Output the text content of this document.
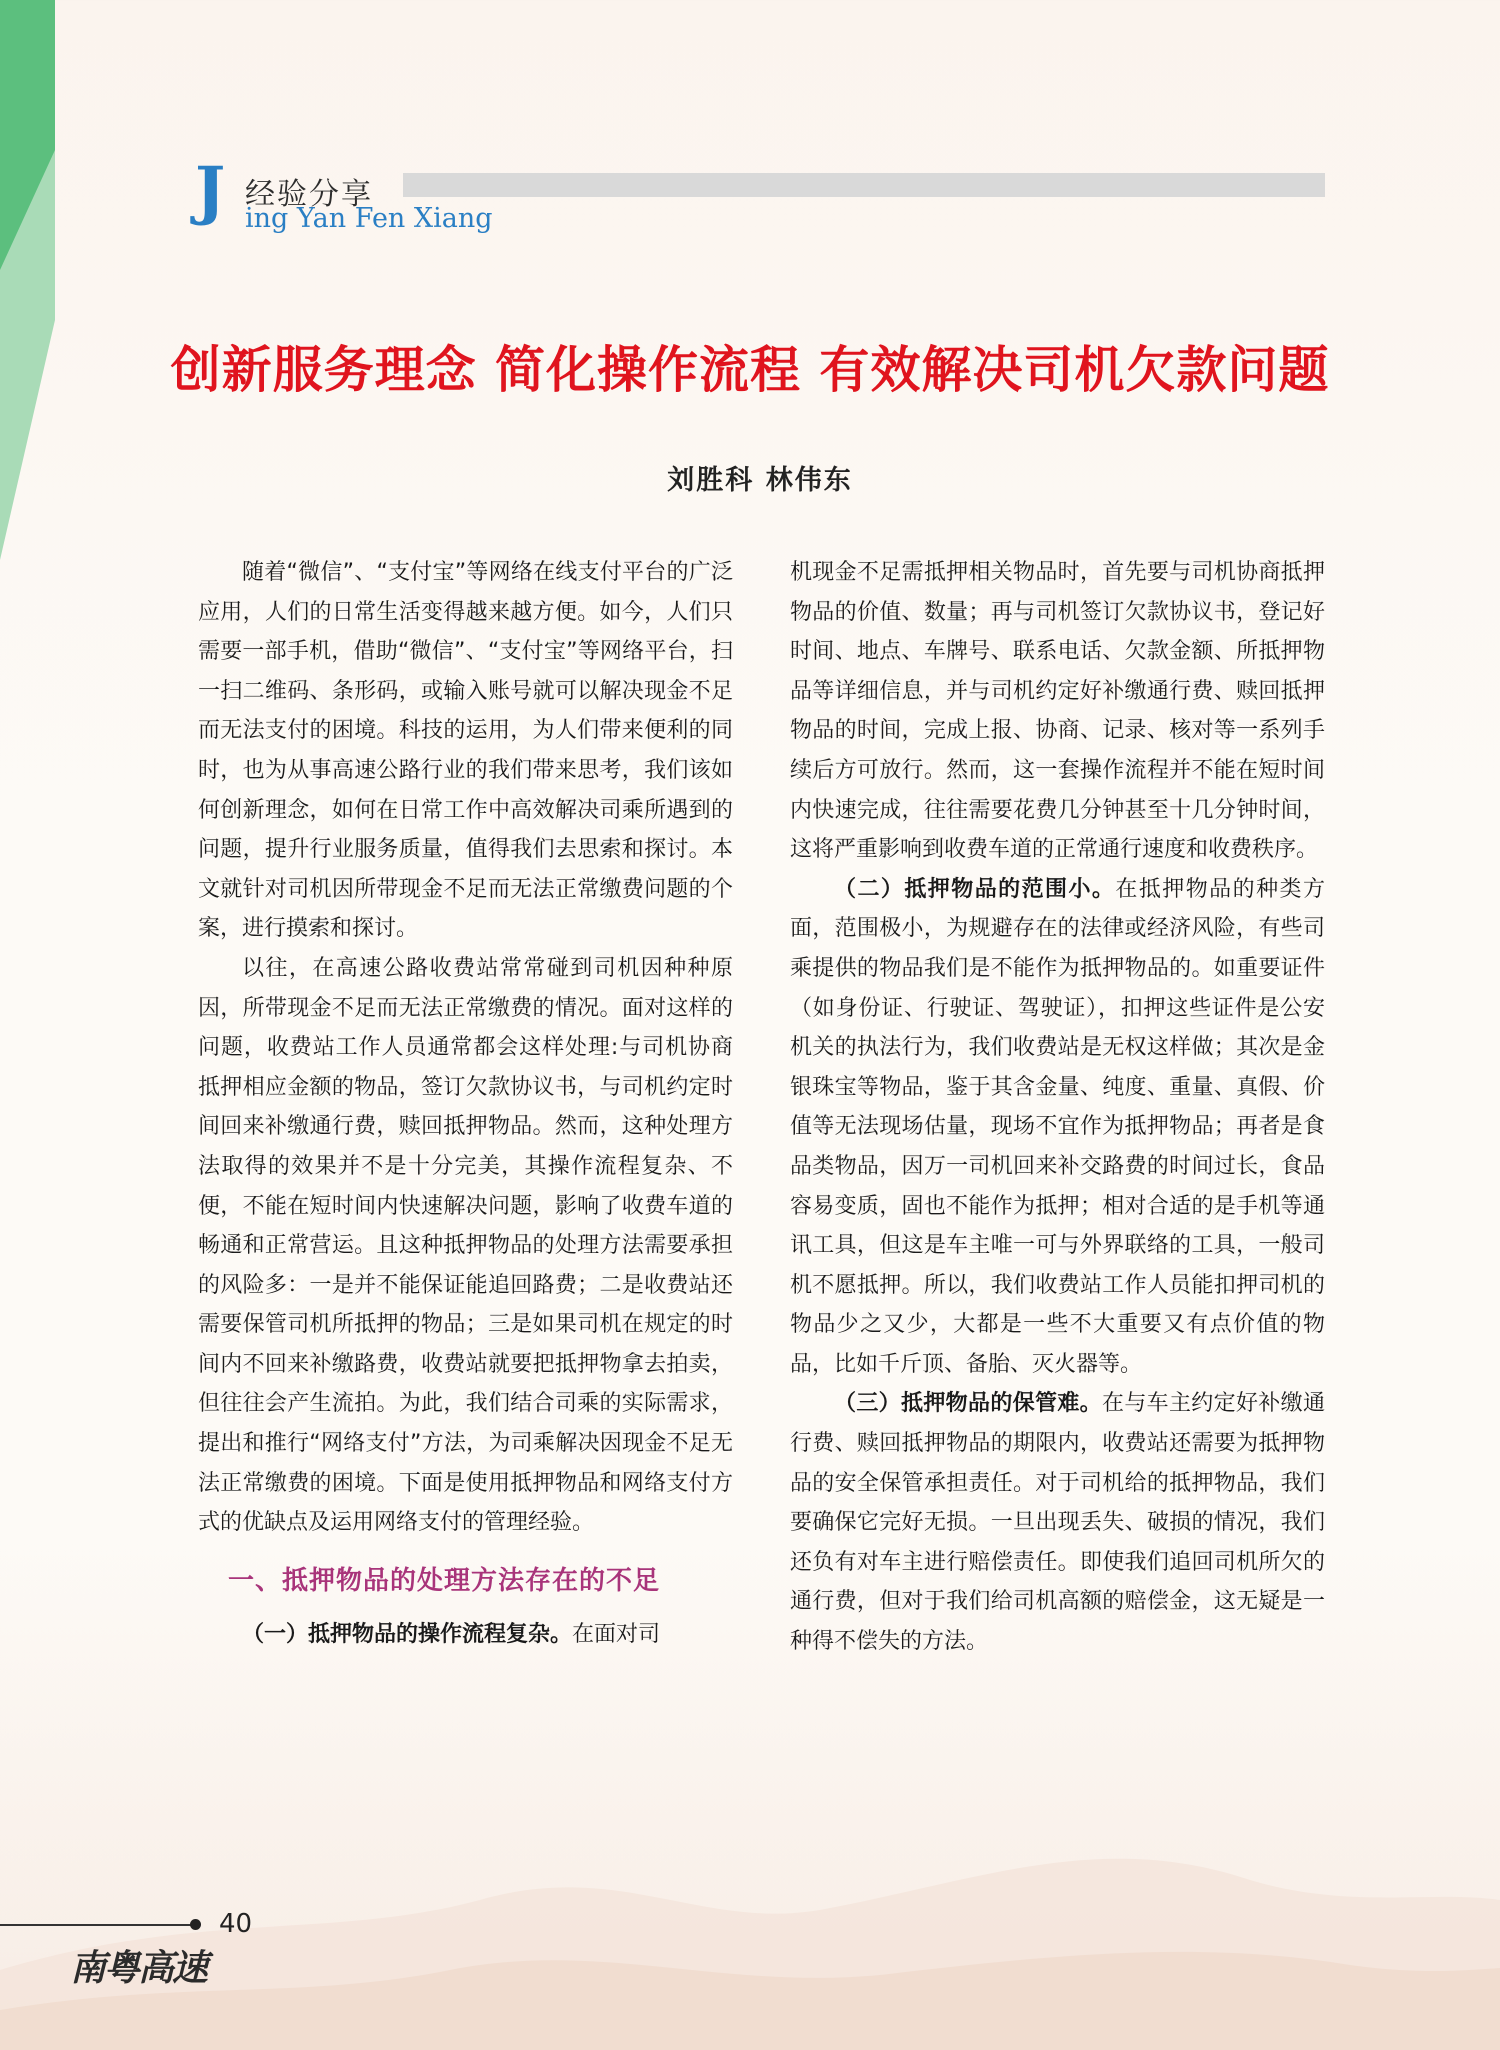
J 经验分享
ing Yan Fen Xiang
创新服务理念 简化操作流程 有效解决司机欠款问题
刘胜科 林伟东

随着“微信”、“支付宝”等网络在线支付平台的广泛应用，人们的日常生活变得越来越方便。如今，人们只需要一部手机，借助“微信”、“支付宝”等网络平台，扫一扫二维码、条形码，或输入账号就可以解决现金不足而无法支付的困境。科技的运用，为人们带来便利的同时，也为从事高速公路行业的我们带来思考，我们该如何创新理念，如何在日常工作中高效解决司乘所遇到的问题，提升行业服务质量，值得我们去思索和探讨。本文就针对司机因所带现金不足而无法正常缴费问题的个案，进行摸索和探讨。

以往，在高速公路收费站常常碰到司机因种种原因，所带现金不足而无法正常缴费的情况。面对这样的问题，收费站工作人员通常都会这样处理:与司机协商抵押相应金额的物品，签订欠款协议书，与司机约定时间回来补缴通行费，赎回抵押物品。然而，这种处理方法取得的效果并不是十分完美，其操作流程复杂、不便，不能在短时间内快速解决问题，影响了收费车道的畅通和正常营运。且这种抵押物品的处理方法需要承担的风险多：一是并不能保证能追回路费；二是收费站还需要保管司机所抵押的物品；三是如果司机在规定的时间内不回来补缴路费，收费站就要把抵押物拿去拍卖，但往往会产生流拍。为此，我们结合司乘的实际需求，提出和推行“网络支付”方法，为司乘解决因现金不足无法正常缴费的困境。下面是使用抵押物品和网络支付方式的优缺点及运用网络支付的管理经验。

一、抵押物品的处理方法存在的不足

（一）抵押物品的操作流程复杂。在面对司

机现金不足需抵押相关物品时，首先要与司机协商抵押物品的价值、数量；再与司机签订欠款协议书，登记好时间、地点、车牌号、联系电话、欠款金额、所抵押物品等详细信息，并与司机约定好补缴通行费、赎回抵押物品的时间，完成上报、协商、记录、核对等一系列手续后方可放行。然而，这一套操作流程并不能在短时间内快速完成，往往需要花费几分钟甚至十几分钟时间，这将严重影响到收费车道的正常通行速度和收费秩序。

（二）抵押物品的范围小。在抵押物品的种类方面，范围极小，为规避存在的法律或经济风险，有些司乘提供的物品我们是不能作为抵押物品的。如重要证件（如身份证、行驶证、驾驶证），扣押这些证件是公安机关的执法行为，我们收费站是无权这样做；其次是金银珠宝等物品，鉴于其含金量、纯度、重量、真假、价值等无法现场估量，现场不宜作为抵押物品；再者是食品类物品，因万一司机回来补交路费的时间过长，食品容易变质，固也不能作为抵押；相对合适的是手机等通讯工具，但这是车主唯一可与外界联络的工具，一般司机不愿抵押。所以，我们收费站工作人员能扣押司机的物品少之又少，大都是一些不大重要又有点价值的物品，比如千斤顶、备胎、灭火器等。

（三）抵押物品的保管难。在与车主约定好补缴通行费、赎回抵押物品的期限内，收费站还需要为抵押物品的安全保管承担责任。对于司机给的抵押物品，我们要确保它完好无损。一旦出现丢失、破损的情况，我们还负有对车主进行赔偿责任。即使我们追回司机所欠的通行费，但对于我们给司机高额的赔偿金，这无疑是一种得不偿失的方法。

40
南粤高速
